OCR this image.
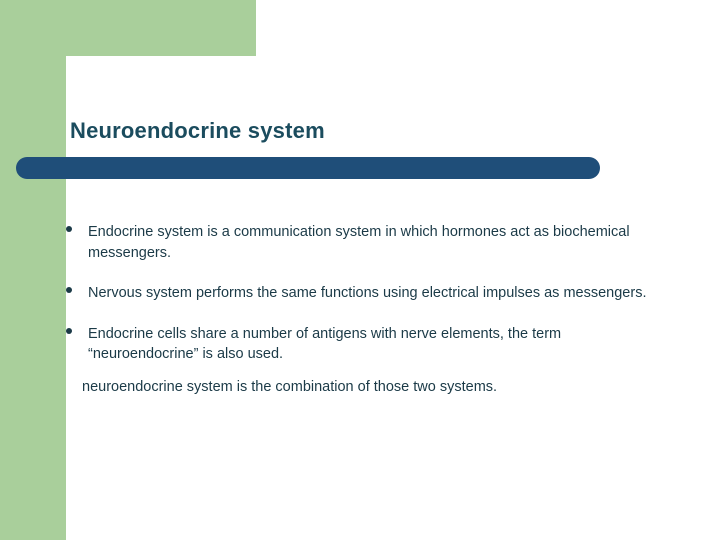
Neuroendocrine system
Endocrine system is a communication system in which hormones act as biochemical messengers.
Nervous system performs the same functions using electrical impulses as messengers.
Endocrine cells share a number of antigens with nerve elements, the term “neuroendocrine” is also used.
neuroendocrine system is the combination of those two systems.
